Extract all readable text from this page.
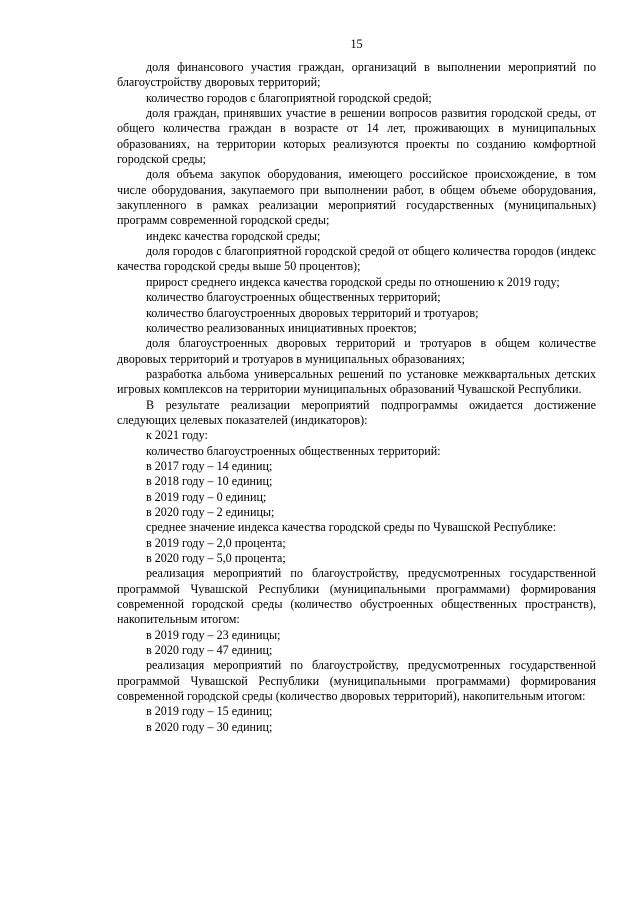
15

доля финансового участия граждан, организаций в выполнении мероприятий по благоустройству дворовых территорий;

количество городов с благоприятной городской средой;

доля граждан, принявших участие в решении вопросов развития городской среды, от общего количества граждан в возрасте от 14 лет, проживающих в муниципальных образованиях, на территории которых реализуются проекты по созданию комфортной городской среды;

доля объема закупок оборудования, имеющего российское происхождение, в том числе оборудования, закупаемого при выполнении работ, в общем объеме оборудования, закупленного в рамках реализации мероприятий государственных (муниципальных) программ современной городской среды;

индекс качества городской среды;

доля городов с благоприятной городской средой от общего количества городов (индекс качества городской среды выше 50 процентов);

прирост среднего индекса качества городской среды по отношению к 2019 году;

количество благоустроенных общественных территорий;

количество благоустроенных дворовых территорий и тротуаров;

количество реализованных инициативных проектов;

доля благоустроенных дворовых территорий и тротуаров в общем количестве дворовых территорий и тротуаров в муниципальных образованиях;

разработка альбома универсальных решений по установке межквартальных детских игровых комплексов на территории муниципальных образований Чувашской Республики.

В результате реализации мероприятий подпрограммы ожидается достижение следующих целевых показателей (индикаторов):

к 2021 году:

количество благоустроенных общественных территорий:

в 2017 году – 14 единиц;

в 2018 году – 10 единиц;

в 2019 году – 0 единиц;

в 2020 году – 2 единицы;

среднее значение индекса качества городской среды по Чувашской Республике:

в 2019 году – 2,0 процента;

в 2020 году – 5,0 процента;

реализация мероприятий по благоустройству, предусмотренных государственной программой Чувашской Республики (муниципальными программами) формирования современной городской среды (количество обустроенных общественных пространств), накопительным итогом:

в 2019 году – 23 единицы;

в 2020 году – 47 единиц;

реализация мероприятий по благоустройству, предусмотренных государственной программой Чувашской Республики (муниципальными программами) формирования современной городской среды (количество дворовых территорий), накопительным итогом:

в 2019 году – 15 единиц;

в 2020 году – 30 единиц;
